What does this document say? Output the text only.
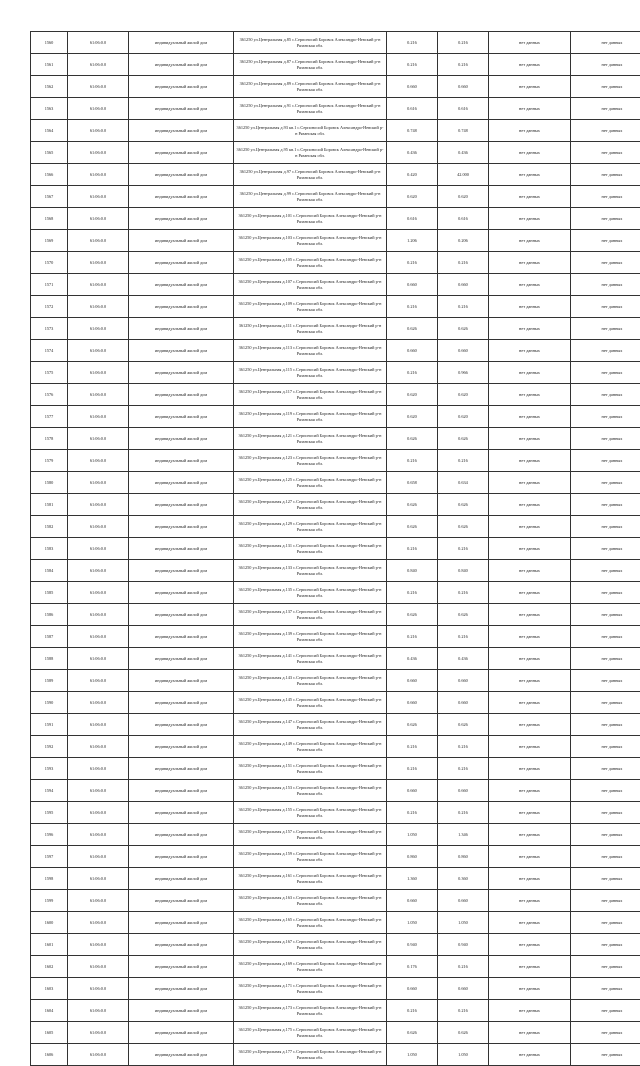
1560	61:06:0.0	индивидуальный жилой дом	361250 ул.Центральная д.85 с.Серпоносий Боровск Александро-Невский р-н Рязанская обл.	0.216	0.216	нет данных	нет данных
1561	61:06:0.0	индивидуальный жилой дом	361250 ул.Центральная д.87 с.Серпоносий Боровск Александро-Невский р-н Рязанская обл.	0.216	0.216	нет данных	нет данных
1562	61:06:0.0	индивидуальный жилой дом	361250 ул.Центральная д.89 с.Серпоносий Боровск Александро-Невский р-н Рязанская обл.	0.660	0.660	нет данных	нет данных
1563	61:06:0.0	индивидуальный жилой дом	361250 ул.Центральная д.91 с.Серпоносий Боровск Александро-Невский р-н Рязанская обл.	0.616	0.616	нет данных	нет данных
1564	61:06:0.0	индивидуальный жилой дом	361250 ул.Центральная д.93 кв.1 с.Серпоносий Боровск Александро-Невский р-н Рязанская обл.	0.748	0.748	нет данных	нет данных
1565	61:06:0.0	индивидуальный жилой дом	361250 ул.Центральная д.95 кв.1 с.Серпоносий Боровск Александро-Невский р-н Рязанская обл.	0.436	0.436	нет данных	нет данных
1566	61:06:0.0	индивидуальный жилой дом	361250 ул.Центральная д.97 с.Серпоносий Боровск Александро-Невский р-н Рязанская обл.	0.420	42.000	нет данных	нет данных
1567	61:06:0.0	индивидуальный жилой дом	361250 ул.Центральная д.99 с.Серпоносий Боровск Александро-Невский р-н Рязанская обл.	0.620	0.620	нет данных	нет данных
1568	61:06:0.0	индивидуальный жилой дом	361250 ул.Центральная д.101 с.Серпоносий Боровск Александро-Невский р-н Рязанская обл.	0.616	0.616	нет данных	нет данных
1569	61:06:0.0	индивидуальный жилой дом	361250 ул.Центральная д.103 с.Серпоносий Боровск Александро-Невский р-н Рязанская обл.	1.206	0.206	нет данных	нет данных
1570	61:06:0.0	индивидуальный жилой дом	361250 ул.Центральная д.105 с.Серпоносий Боровск Александро-Невский р-н Рязанская обл.	0.216	0.216	нет данных	нет данных
1571	61:06:0.0	индивидуальный жилой дом	361250 ул.Центральная д.107 с.Серпоносий Боровск Александро-Невский р-н Рязанская обл.	0.660	0.660	нет данных	нет данных
1572	61:06:0.0	индивидуальный жилой дом	361250 ул.Центральная д.109 с.Серпоносий Боровск Александро-Невский р-н Рязанская обл.	0.216	0.216	нет данных	нет данных
1573	61:06:0.0	индивидуальный жилой дом	361250 ул.Центральная д.111 с.Серпоносий Боровск Александро-Невский р-н Рязанская обл.	0.626	0.626	нет данных	нет данных
1574	61:06:0.0	индивидуальный жилой дом	361250 ул.Центральная д.113 с.Серпоносий Боровск Александро-Невский р-н Рязанская обл.	0.660	0.660	нет данных	нет данных
1575	61:06:0.0	индивидуальный жилой дом	361250 ул.Центральная д.115 с.Серпоносий Боровск Александро-Невский р-н Рязанская обл.	0.216	0.966	нет данных	нет данных
1576	61:06:0.0	индивидуальный жилой дом	361250 ул.Центральная д.117 с.Серпоносий Боровск Александро-Невский р-н Рязанская обл.	0.620	0.620	нет данных	нет данных
1577	61:06:0.0	индивидуальный жилой дом	361250 ул.Центральная д.119 с.Серпоносий Боровск Александро-Невский р-н Рязанская обл.	0.620	0.620	нет данных	нет данных
1578	61:06:0.0	индивидуальный жилой дом	361250 ул.Центральная д.121 с.Серпоносий Боровск Александро-Невский р-н Рязанская обл.	0.626	0.626	нет данных	нет данных
1579	61:06:0.0	индивидуальный жилой дом	361250 ул.Центральная д.123 с.Серпоносий Боровск Александро-Невский р-н Рязанская обл.	0.216	0.216	нет данных	нет данных
1580	61:06:0.0	индивидуальный жилой дом	361250 ул.Центральная д.125 с.Серпоносий Боровск Александро-Невский р-н Рязанская обл.	0.658	0.634	нет данных	нет данных
1581	61:06:0.0	индивидуальный жилой дом	361250 ул.Центральная д.127 с.Серпоносий Боровск Александро-Невский р-н Рязанская обл.	0.626	0.626	нет данных	нет данных
1582	61:06:0.0	индивидуальный жилой дом	361250 ул.Центральная д.129 с.Серпоносий Боровск Александро-Невский р-н Рязанская обл.	0.626	0.626	нет данных	нет данных
1583	61:06:0.0	индивидуальный жилой дом	361250 ул.Центральная д.131 с.Серпоносий Боровск Александро-Невский р-н Рязанская обл.	0.216	0.216	нет данных	нет данных
1584	61:06:0.0	индивидуальный жилой дом	361250 ул.Центральная д.133 с.Серпоносий Боровск Александро-Невский р-н Рязанская обл.	0.840	0.840	нет данных	нет данных
1585	61:06:0.0	индивидуальный жилой дом	361250 ул.Центральная д.135 с.Серпоносий Боровск Александро-Невский р-н Рязанская обл.	0.216	0.216	нет данных	нет данных
1586	61:06:0.0	индивидуальный жилой дом	361250 ул.Центральная д.137 с.Серпоносий Боровск Александро-Невский р-н Рязанская обл.	0.626	0.626	нет данных	нет данных
1587	61:06:0.0	индивидуальный жилой дом	361250 ул.Центральная д.139 с.Серпоносий Боровск Александро-Невский р-н Рязанская обл.	0.216	0.216	нет данных	нет данных
1588	61:06:0.0	индивидуальный жилой дом	361250 ул.Центральная д.141 с.Серпоносий Боровск Александро-Невский р-н Рязанская обл.	0.436	0.436	нет данных	нет данных
1589	61:06:0.0	индивидуальный жилой дом	361250 ул.Центральная д.143 с.Серпоносий Боровск Александро-Невский р-н Рязанская обл.	0.660	0.660	нет данных	нет данных
1590	61:06:0.0	индивидуальный жилой дом	361250 ул.Центральная д.145 с.Серпоносий Боровск Александро-Невский р-н Рязанская обл.	0.660	0.660	нет данных	нет данных
1591	61:06:0.0	индивидуальный жилой дом	361250 ул.Центральная д.147 с.Серпоносий Боровск Александро-Невский р-н Рязанская обл.	0.626	0.626	нет данных	нет данных
1592	61:06:0.0	индивидуальный жилой дом	361250 ул.Центральная д.149 с.Серпоносий Боровск Александро-Невский р-н Рязанская обл.	0.216	0.216	нет данных	нет данных
1593	61:06:0.0	индивидуальный жилой дом	361250 ул.Центральная д.151 с.Серпоносий Боровск Александро-Невский р-н Рязанская обл.	0.216	0.216	нет данных	нет данных
1594	61:06:0.0	индивидуальный жилой дом	361250 ул.Центральная д.153 с.Серпоносий Боровск Александро-Невский р-н Рязанская обл.	0.660	0.660	нет данных	нет данных
1595	61:06:0.0	индивидуальный жилой дом	361250 ул.Центральная д.155 с.Серпоносий Боровск Александро-Невский р-н Рязанская обл.	0.216	0.216	нет данных	нет данных
1596	61:06:0.0	индивидуальный жилой дом	361250 ул.Центральная д.157 с.Серпоносий Боровск Александро-Невский р-н Рязанская обл.	1.050	1.346	нет данных	нет данных
1597	61:06:0.0	индивидуальный жилой дом	361250 ул.Центральная д.159 с.Серпоносий Боровск Александро-Невский р-н Рязанская обл.	0.860	0.860	нет данных	нет данных
1598	61:06:0.0	индивидуальный жилой дом	361250 ул.Центральная д.161 с.Серпоносий Боровск Александро-Невский р-н Рязанская обл.	1.360	0.360	нет данных	нет данных
1599	61:06:0.0	индивидуальный жилой дом	361250 ул.Центральная д.163 с.Серпоносий Боровск Александро-Невский р-н Рязанская обл.	0.660	0.660	нет данных	нет данных
1600	61:06:0.0	индивидуальный жилой дом	361250 ул.Центральная д.165 с.Серпоносий Боровск Александро-Невский р-н Рязанская обл.	1.050	1.050	нет данных	нет данных
1601	61:06:0.0	индивидуальный жилой дом	361250 ул.Центральная д.167 с.Серпоносий Боровск Александро-Невский р-н Рязанская обл.	0.940	0.940	нет данных	нет данных
1602	61:06:0.0	индивидуальный жилой дом	361250 ул.Центральная д.169 с.Серпоносий Боровск Александро-Невский р-н Рязанская обл.	0.176	0.216	нет данных	нет данных
1603	61:06:0.0	индивидуальный жилой дом	361250 ул.Центральная д.171 с.Серпоносий Боровск Александро-Невский р-н Рязанская обл.	0.660	0.660	нет данных	нет данных
1604	61:06:0.0	индивидуальный жилой дом	361250 ул.Центральная д.173 с.Серпоносий Боровск Александро-Невский р-н Рязанская обл.	0.216	0.216	нет данных	нет данных
1605	61:06:0.0	индивидуальный жилой дом	361250 ул.Центральная д.175 с.Серпоносий Боровск Александро-Невский р-н Рязанская обл.	0.626	0.626	нет данных	нет данных
1606	61:06:0.0	индивидуальный жилой дом	361250 ул.Центральная д.177 с.Серпоносий Боровск Александро-Невский р-н Рязанская обл.	1.050	1.050	нет данных	нет данных
